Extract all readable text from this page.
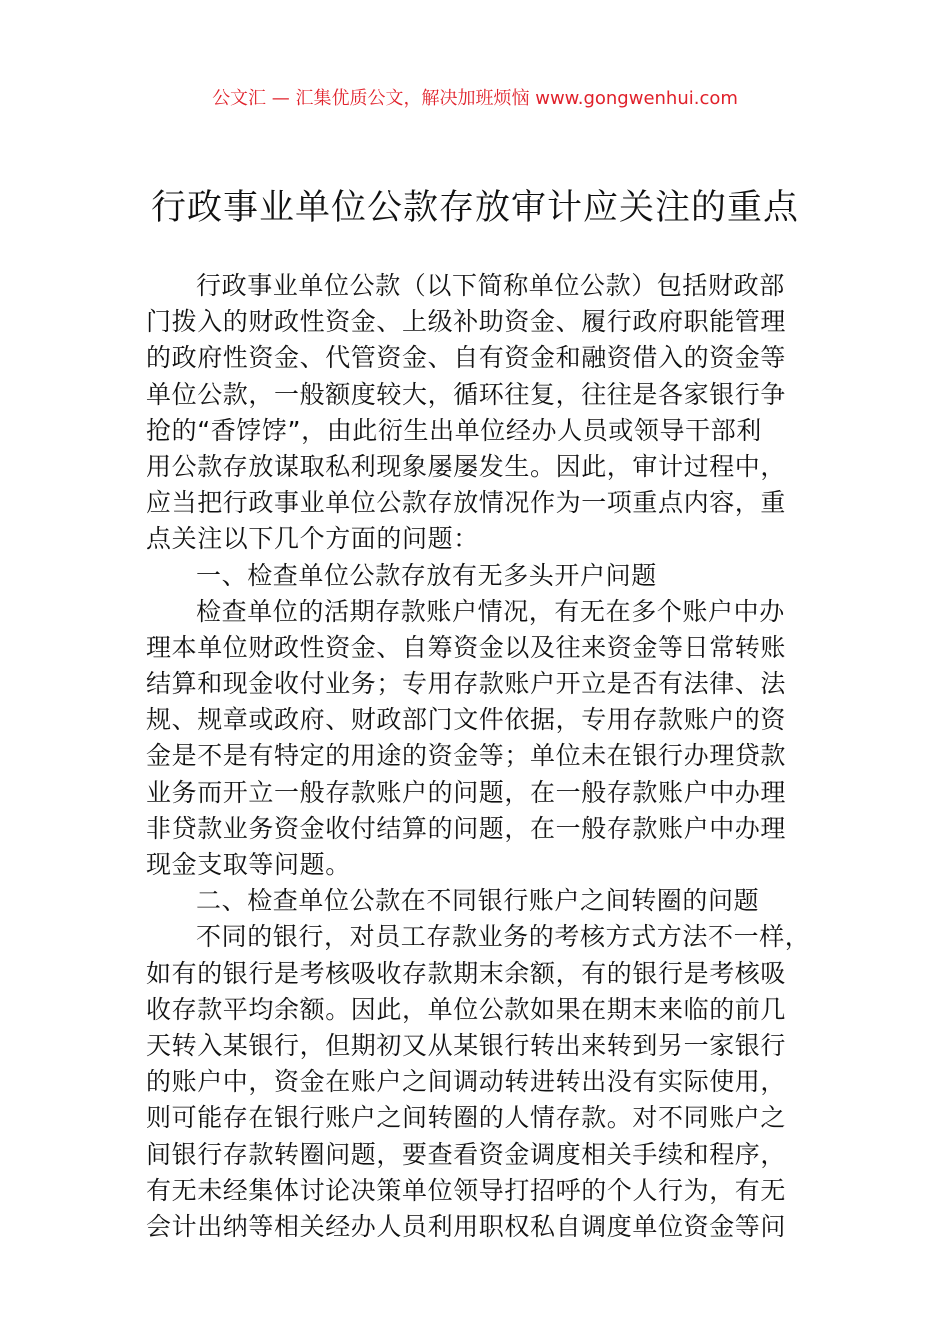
公文汇 — 汇集优质公文，解决加班烦恼 www.gongwenhui.com
行政事业单位公款存放审计应关注的重点
行政事业单位公款（以下简称单位公款）包括财政部
门拨入的财政性资金、上级补助资金、履行政府职能管理
的政府性资金、代管资金、自有资金和融资借入的资金等
单位公款，一般额度较大，循环往复，往往是各家银行争
抢的“香饽饽”，由此衍生出单位经办人员或领导干部利
用公款存放谋取私利现象屡屡发生。因此，审计过程中，
应当把行政事业单位公款存放情况作为一项重点内容，重
点关注以下几个方面的问题：
一、检查单位公款存放有无多头开户问题
检查单位的活期存款账户情况，有无在多个账户中办
理本单位财政性资金、自筹资金以及往来资金等日常转账
结算和现金收付业务；专用存款账户开立是否有法律、法
规、规章或政府、财政部门文件依据，专用存款账户的资
金是不是有特定的用途的资金等；单位未在银行办理贷款
业务而开立一般存款账户的问题，在一般存款账户中办理
非贷款业务资金收付结算的问题，在一般存款账户中办理
现金支取等问题。
二、检查单位公款在不同银行账户之间转圈的问题
不同的银行，对员工存款业务的考核方式方法不一样，
如有的银行是考核吸收存款期末余额，有的银行是考核吸
收存款平均余额。因此，单位公款如果在期末来临的前几
天转入某银行，但期初又从某银行转出来转到另一家银行
的账户中，资金在账户之间调动转进转出没有实际使用，
则可能存在银行账户之间转圈的人情存款。对不同账户之
间银行存款转圈问题，要查看资金调度相关手续和程序，
有无未经集体讨论决策单位领导打招呼的个人行为，有无
会计出纳等相关经办人员利用职权私自调度单位资金等问
